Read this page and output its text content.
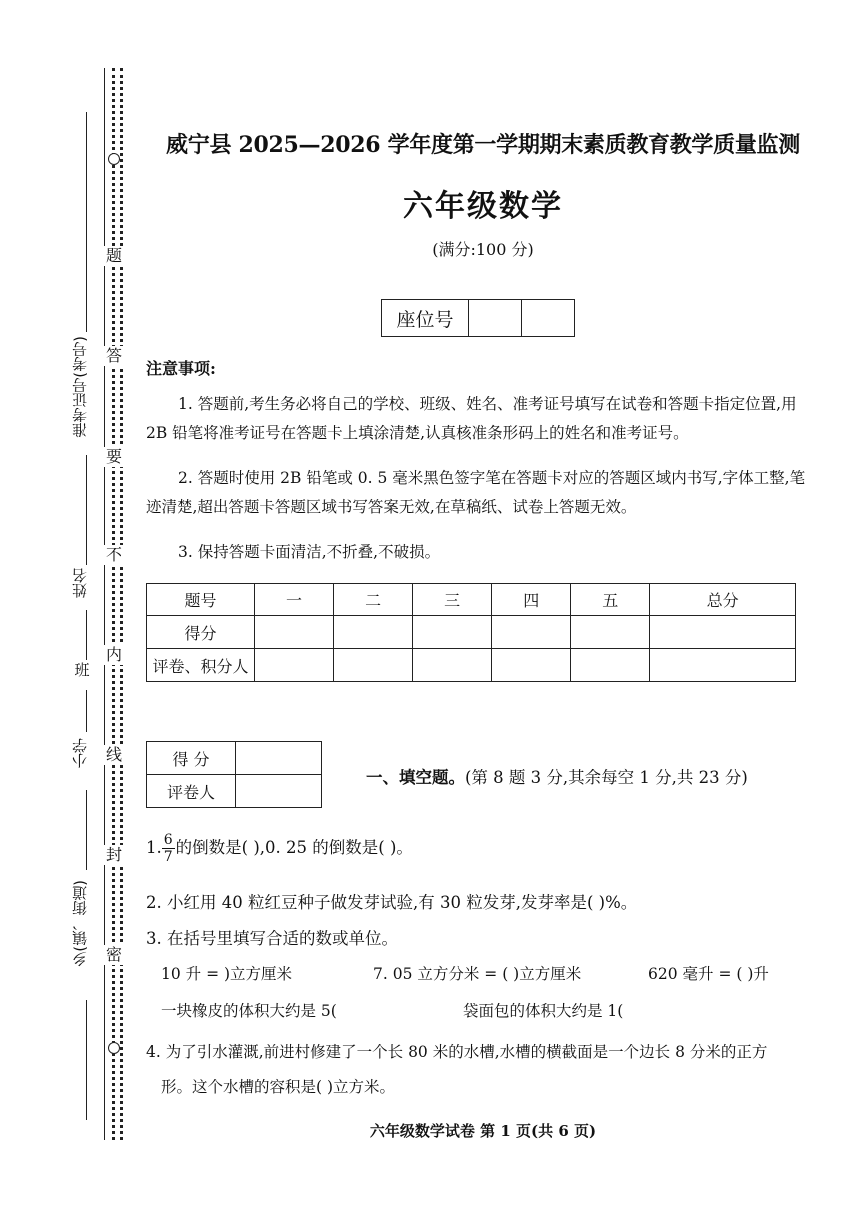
题
答
要
不
内
线
封
密
准考证号(考号)
姓名
班
小学
乡(镇、街道)
威宁县 2025—2026 学年度第一学期期末素质教育教学质量监测
六年级数学
(满分:100 分)
座位号		
注意事项:
1. 答题前,考生务必将自己的学校、班级、姓名、准考证号填写在试卷和答题卡指定位置,用 2B 铅笔将准考证号在答题卡上填涂清楚,认真核准条形码上的姓名和准考证号。
2. 答题时使用 2B 铅笔或 0. 5 毫米黑色签字笔在答题卡对应的答题区域内书写,字体工整,笔迹清楚,超出答题卡答题区域书写答案无效,在草稿纸、试卷上答题无效。
3. 保持答题卡面清洁,不折叠,不破损。
题号	一	二	三	四	五	总分
得分						
评卷、积分人						
得 分	
评卷人	
一、填空题。(第 8 题 3 分,其余每空 1 分,共 23 分)
1. $\frac{6}{7}$ 的倒数是( ),0. 25 的倒数是( )。
2. 小红用 40 粒红豆种子做发芽试验,有 30 粒发芽,发芽率是( )%。
3. 在括号里填写合适的数或单位。
10 升 = )立方厘米	7. 05 立方分米 = ( )立方厘米	620 毫升 = ( )升
一块橡皮的体积大约是 5(	袋面包的体积大约是 1(
4. 为了引水灌溉,前进村修建了一个长 80 米的水槽,水槽的横截面是一个边长 8 分米的正方
形。这个水槽的容积是( )立方米。
六年级数学试卷 第 1 页(共 6 页)
